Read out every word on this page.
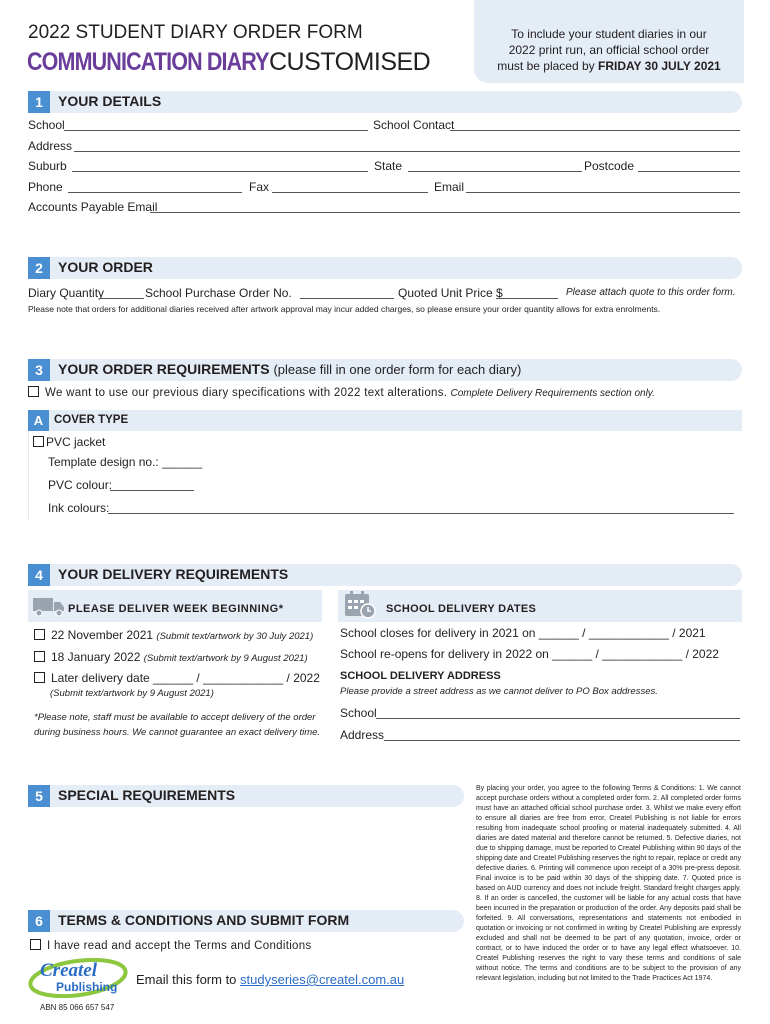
2022 STUDENT DIARY ORDER FORM
COMMUNICATION DIARYCUSTOMISED
To include your student diaries in our
2022 print run, an official school order
must be placed by FRIDAY 30 JULY 2021
1	YOUR DETAILS
School	School Contact
Address
Suburb	State	Postcode
Phone	Fax	Email
Accounts Payable Email
2	YOUR ORDER
Diary Quantity	School Purchase Order No.	Quoted Unit Price $	Please attach quote to this order form.
Please note that orders for additional diaries received after artwork approval may incur added charges, so please ensure your order quantity allows for extra enrolments.
3	YOUR ORDER REQUIREMENTS (please fill in one order form for each diary)
We want to use our previous diary specifications with 2022 text alterations. Complete Delivery Requirements section only.
A COVER TYPE
PVC jacket
Template design no.: ______
PVC colour:
Ink colours:
4	YOUR DELIVERY REQUIREMENTS
PLEASE DELIVER WEEK BEGINNING*	SCHOOL DELIVERY DATES
22 November 2021 (Submit text/artwork by 30 July 2021)
18 January 2022 (Submit text/artwork by 9 August 2021)
Later delivery date ______ / ____________ / 2022
(Submit text/artwork by 9 August 2021)
*Please note, staff must be available to accept delivery of the order
during business hours. We cannot guarantee an exact delivery time.
School closes for delivery in 2021 on ______ / ____________ / 2021
School re-opens for delivery in 2022 on ______ / ____________ / 2022
SCHOOL DELIVERY ADDRESS
Please provide a street address as we cannot deliver to PO Box addresses.
School
Address
5	SPECIAL REQUIREMENTS
6	TERMS & CONDITIONS AND SUBMIT FORM
I have read and accept the Terms and Conditions
Createl
Publishing Email this form to studyseries@createl.com.au
ABN 85 066 657 547
By placing your order, you agree to the following Terms & Conditions: 1. We cannot accept purchase orders without a completed order form. 2. All completed order forms must have an attached official school purchase order. 3. Whilst we make every effort to ensure all diaries are free from error, Createl Publishing is not liable for errors resulting from inadequate school proofing or material inadequately submitted. 4. All diaries are dated material and therefore cannot be returned. 5. Defective diaries, not due to shipping damage, must be reported to Createl Publishing within 90 days of the shipping date and Createl Publishing reserves the right to repair, replace or credit any defective diaries. 6. Printing will commence upon receipt of a 30% pre-press deposit. Final invoice is to be paid within 30 days of the shipping date. 7. Quoted price is based on AUD currency and does not include freight. Standard freight charges apply. 8. If an order is cancelled, the customer will be liable for any actual costs that have been incurred in the preparation or production of the order. Any deposits paid shall be forfeited. 9. All conversations, representations and statements not embodied in quotation or invoicing or not confirmed in writing by Createl Publishing are expressly excluded and shall not be deemed to be part of any quotation, invoice, order or contract, or to have induced the order or to have any legal effect whatsoever. 10. Createl Publishing reserves the right to vary these terms and conditions of sale without notice. The terms and conditions are to be subject to the provision of any relevant legislation, including but not limited to the Trade Practices Act 1974.
